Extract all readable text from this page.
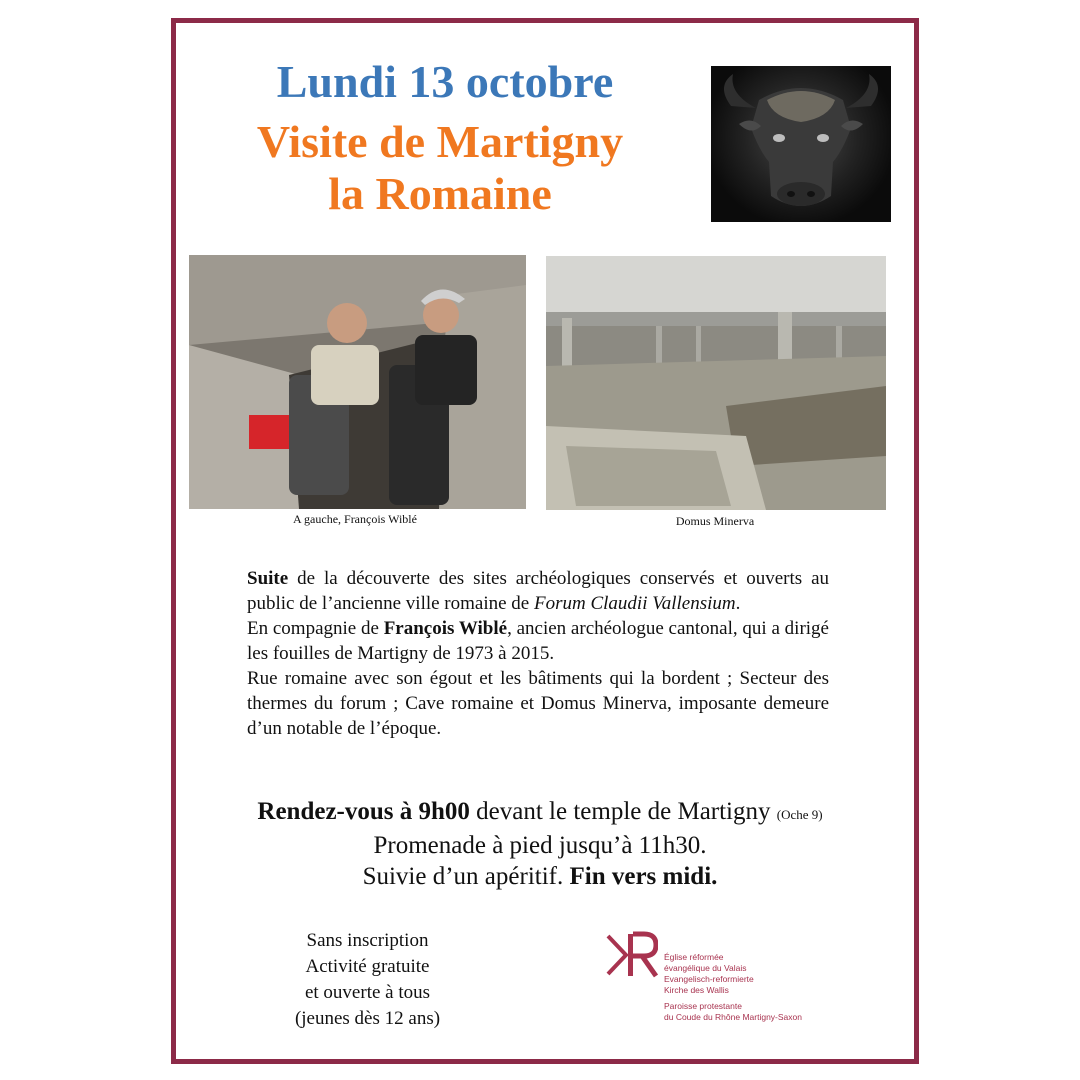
Lundi 13 octobre
Visite de Martigny
la Romaine
A gauche, François Wiblé	Domus Minerva

Suite de la découverte des sites archéologiques conservés et ouverts au public de l’ancienne ville romaine de Forum Claudii Vallensium.

En compagnie de François Wiblé, ancien archéologue cantonal, qui a dirigé les fouilles de Martigny de 1973 à 2015.

Rue romaine avec son égout et les bâtiments qui la bordent ; Secteur des thermes du forum ; Cave romaine et Domus Minerva, imposante demeure d’un notable de l’époque.

Rendez-vous à 9h00 devant le temple de Martigny (Oche 9)
Promenade à pied jusqu’à 11h30.
Suivie d’un apéritif. Fin vers midi.
Sans inscription
Activité gratuite
et ouverte à tous
(jeunes dès 12 ans)
Église réformée
évangélique du Valais
Evangelisch-reformierte
Kirche des Wallis
Paroisse protestante
du Coude du Rhône Martigny-Saxon
